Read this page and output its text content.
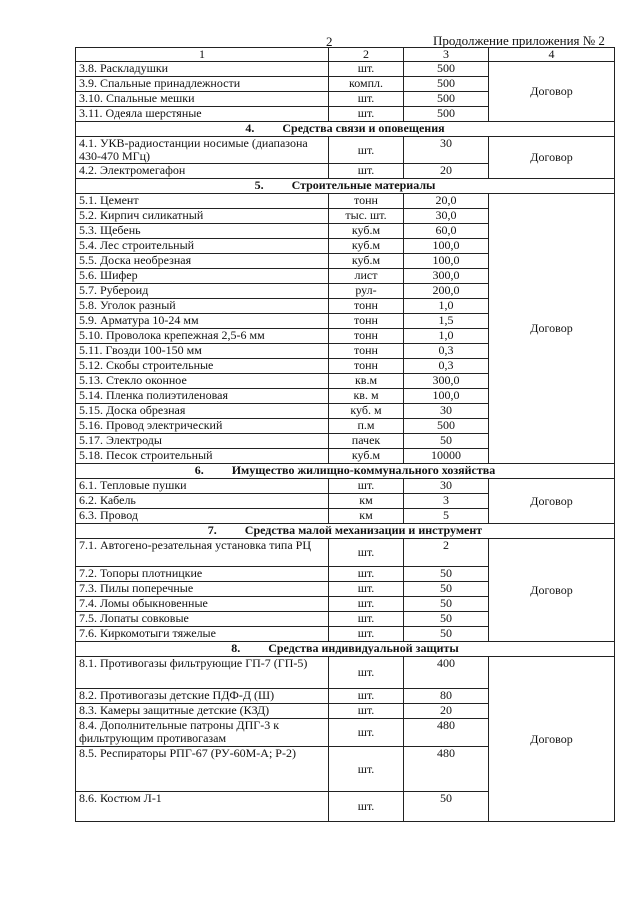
2	Продолжение приложения № 2
1	2	3	4
3.8. Раскладушки	шт.	500	Договор
3.9. Спальные принадлежности	компл.	500	
3.10. Спальные мешки	шт.	500	
3.11. Одеяла шерстяные	шт.	500	
4. Средства связи и оповещения			
4.1. УКВ-радиостанции носимые (диапазона 430-470 МГц)	шт.	30	Договор
4.2. Электромегафон	шт.	20	
5. Строительные материалы			
5.1. Цемент	тонн	20,0	Договор
5.2. Кирпич силикатный	тыс. шт.	30,0	
5.3. Щебень	куб.м	60,0	
5.4. Лес строительный	куб.м	100,0	
5.5. Доска необрезная	куб.м	100,0	
5.6. Шифер	лист	300,0	
5.7. Рубероид	рул-	200,0	
5.8. Уголок разный	тонн	1,0	
5.9. Арматура 10-24 мм	тонн	1,5	
5.10. Проволока крепежная 2,5-6 мм	тонн	1,0	
5.11. Гвозди 100-150 мм	тонн	0,3	
5.12. Скобы строительные	тонн	0,3	
5.13. Стекло оконное	кв.м	300,0	
5.14. Пленка полиэтиленовая	кв. м	100,0	
5.15. Доска обрезная	куб. м	30	
5.16. Провод электрический	п.м	500	
5.17. Электроды	пачек	50	
5.18. Песок строительный	куб.м	10000	
6. Имущество жилищно-коммунального хозяйства			
6.1. Тепловые пушки	шт.	30	Договор
6.2. Кабель	км	3	
6.3. Провод	км	5	
7. Средства малой механизации и инструмент			
7.1. Автогено-резательная установка типа РЦ	шт.	2	Договор
7.2. Топоры плотницкие	шт.	50	
7.3. Пилы поперечные	шт.	50	
7.4. Ломы обыкновенные	шт.	50	
7.5. Лопаты совковые	шт.	50	
7.6. Киркомотыги тяжелые	шт.	50	
8. Средства индивидуальной защиты			
8.1. Противогазы фильтрующие ГП-7 (ГП-5)	шт.	400	Договор
8.2. Противогазы детские ПДФ-Д (Ш)	шт.	80	
8.3. Камеры защитные детские (КЗД)	шт.	20	
8.4. Дополнительные патроны ДПГ-3 к фильтрующим противогазам	шт.	480	
8.5. Респираторы РПГ-67 (РУ-60М-А; Р-2)	шт.	480	
8.6. Костюм Л-1	шт.	50	
